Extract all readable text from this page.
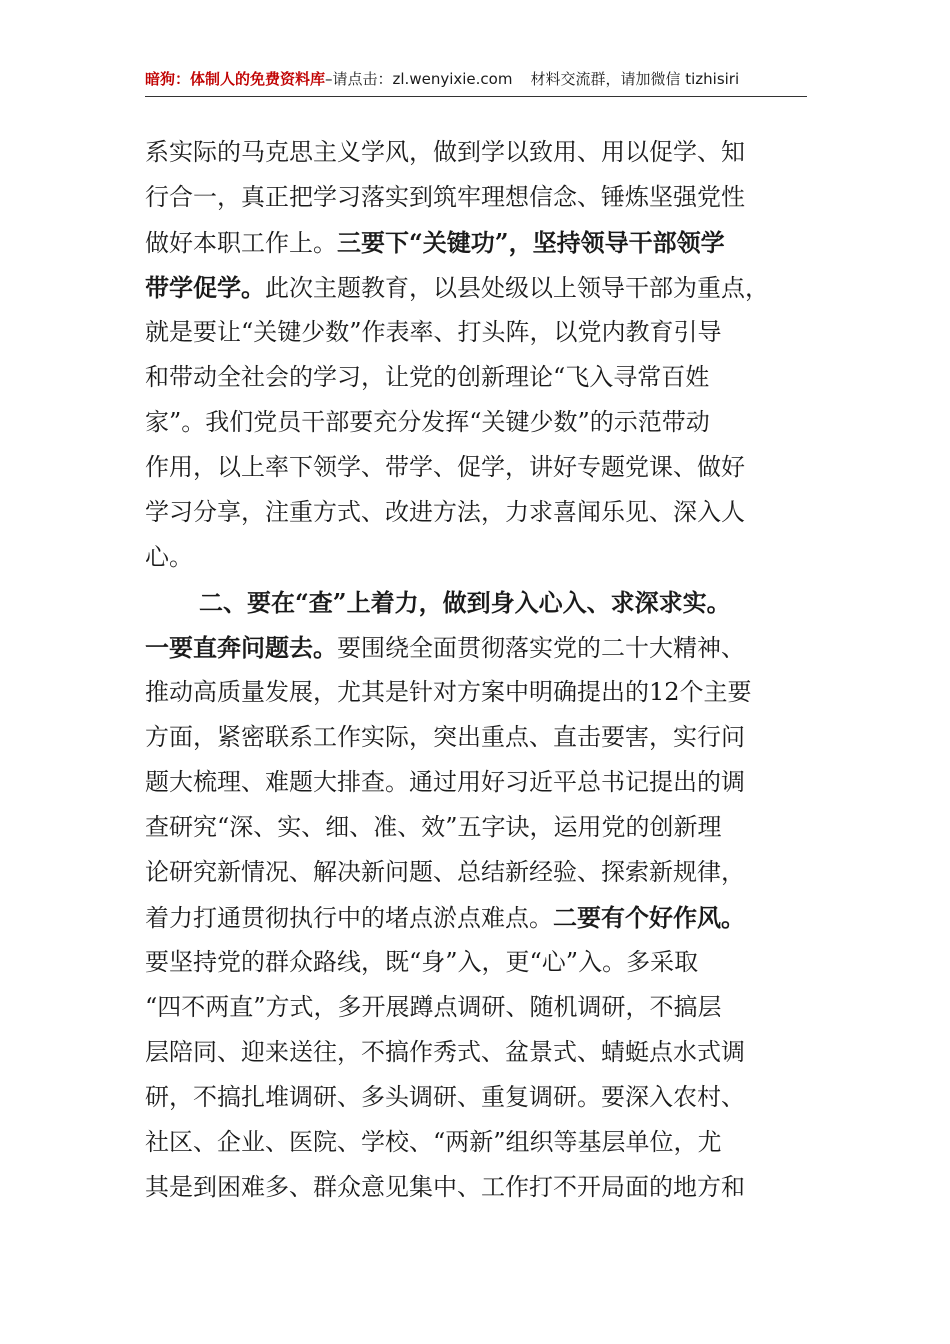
暗狗：体制人的免费资料库 –请点击：zl.wenyixie.com 材料交流群，请加微信 tizhisiri
系实际的马克思主义学风，做到学以致用、用以促学、知
行合一，真正把学习落实到筑牢理想信念、锤炼坚强党性
做好本职工作上。三要下“关键功”，坚持领导干部领学
带学促学。此次主题教育，以县处级以上领导干部为重点，
就是要让“关键少数”作表率、打头阵，以党内教育引导
和带动全社会的学习，让党的创新理论“飞入寻常百姓
家”。我们党员干部要充分发挥“关键少数”的示范带动
作用，以上率下领学、带学、促学，讲好专题党课、做好
学习分享，注重方式、改进方法，力求喜闻乐见、深入人
心。
二、要在“查”上着力，做到身入心入、求深求实。
一要直奔问题去。要围绕全面贯彻落实党的二十大精神、
推动高质量发展，尤其是针对方案中明确提出的12个主要
方面，紧密联系工作实际，突出重点、直击要害，实行问
题大梳理、难题大排查。通过用好习近平总书记提出的调
查研究“深、实、细、准、效”五字诀，运用党的创新理
论研究新情况、解决新问题、总结新经验、探索新规律，
着力打通贯彻执行中的堵点淤点难点。二要有个好作风。
要坚持党的群众路线，既“身”入，更“心”入。多采取
“四不两直”方式，多开展蹲点调研、随机调研，不搞层
层陪同、迎来送往，不搞作秀式、盆景式、蜻蜓点水式调
研，不搞扎堆调研、多头调研、重复调研。要深入农村、
社区、企业、医院、学校、“两新”组织等基层单位，尤
其是到困难多、群众意见集中、工作打不开局面的地方和
